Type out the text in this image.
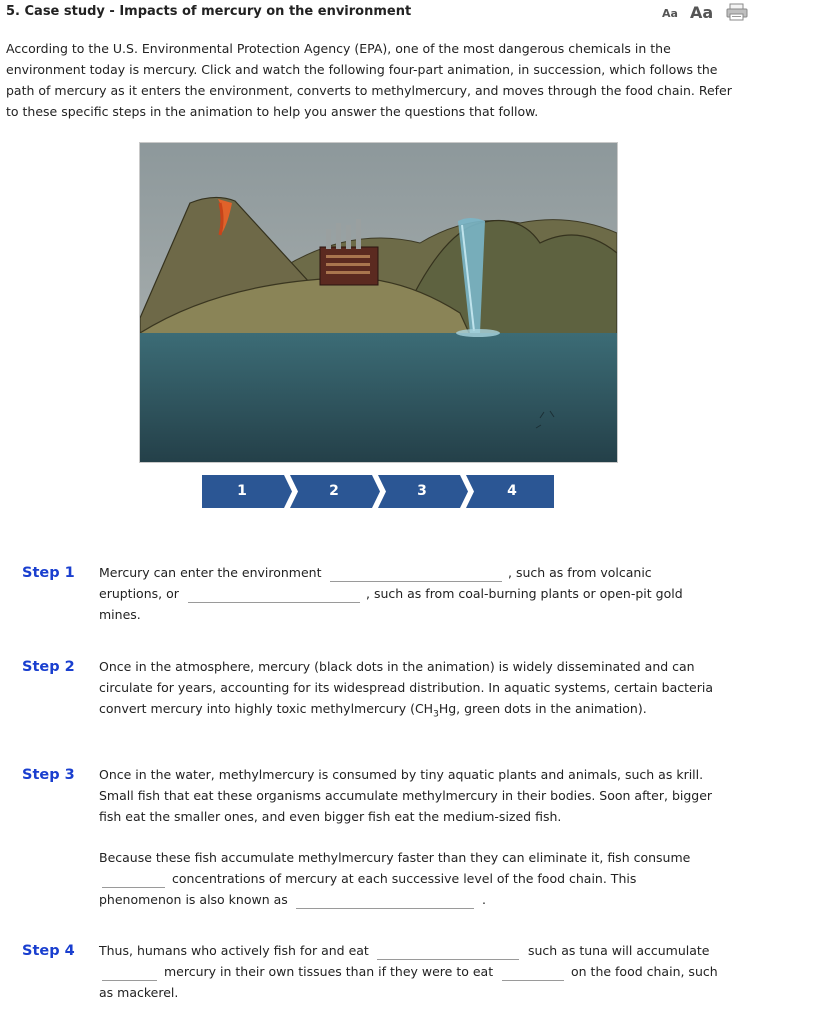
5. Case study - Impacts of mercury on the environment	Aa Aa

According to the U.S. Environmental Protection Agency (EPA), one of the most dangerous chemicals in the environment today is mercury. Click and watch the following four-part animation, in succession, which follows the path of mercury as it enters the environment, converts to methylmercury, and moves through the food chain. Refer to these specific steps in the animation to help you answer the questions that follow.

1	2	3	4
Step 1 Mercury can enter the environment	, such as from volcanic
eruptions, or	, such as from coal-burning plants or open-pit gold
mines.
Step 2 Once in the atmosphere, mercury (black dots in the animation) is widely disseminated and can circulate for years, accounting for its widespread distribution. In aquatic systems, certain bacteria convert mercury into highly toxic methylmercury ($CH_3Hg$, green dots in the animation).

Step 3 Once in the water, methylmercury is consumed by tiny aquatic plants and animals, such as krill. Small fish that eat these organisms accumulate methylmercury in their bodies. Soon after, bigger fish eat the smaller ones, and even bigger fish eat the medium-sized fish.

Because these fish accumulate methylmercury faster than they can eliminate it, fish consume
concentrations of mercury at each successive level of the food chain. This
phenomenon is also known as	.
Step 4 Thus, humans who actively fish for and eat	such as tuna will accumulate
mercury in their own tissues than if they were to eat	on the food chain, such
as mackerel.
